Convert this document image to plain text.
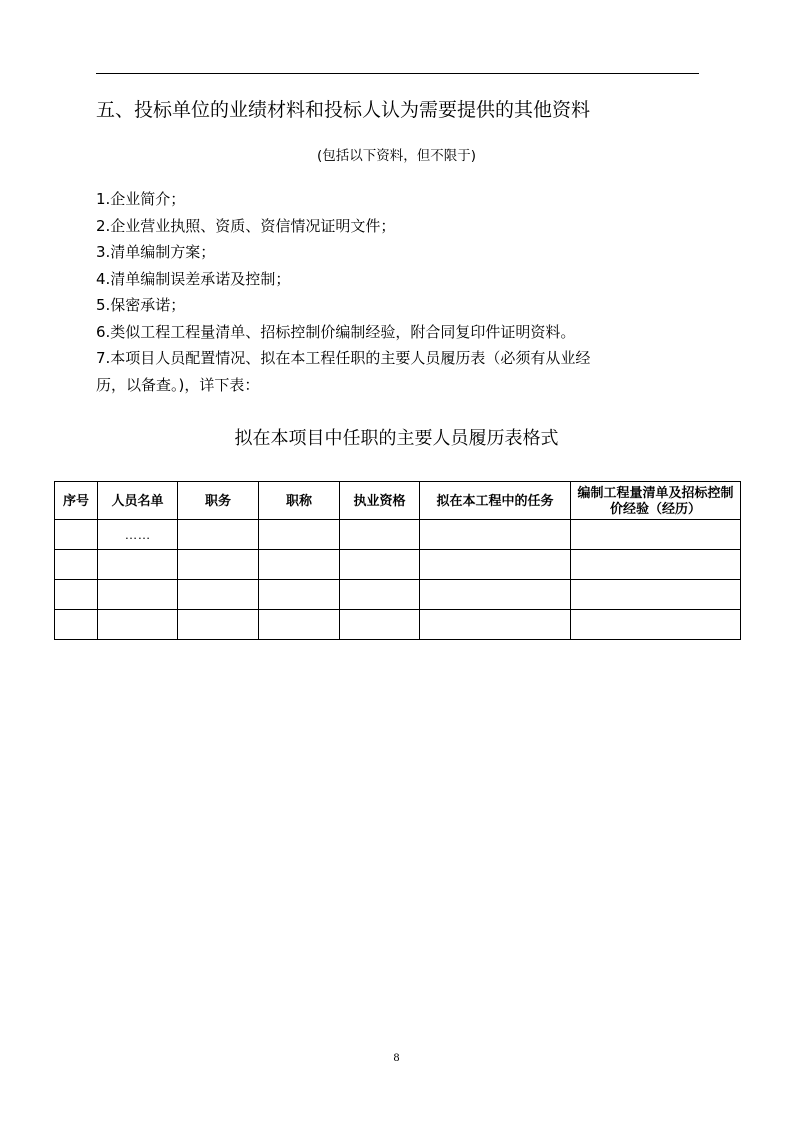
五、投标单位的业绩材料和投标人认为需要提供的其他资料
(包括以下资料，但不限于)
1.企业简介；
2.企业营业执照、资质、资信情况证明文件；
3.清单编制方案；
4.清单编制误差承诺及控制；
5.保密承诺；
6.类似工程工程量清单、招标控制价编制经验，附合同复印件证明资料。
7.本项目人员配置情况、拟在本工程任职的主要人员履历表（必须有从业经
历，以备查。)，详下表：
拟在本项目中任职的主要人员履历表格式
序号	人员名单	职务	职称	执业资格	拟在本工程中的任务	编制工程量清单及招标控制价经验（经历）
	……					

8
